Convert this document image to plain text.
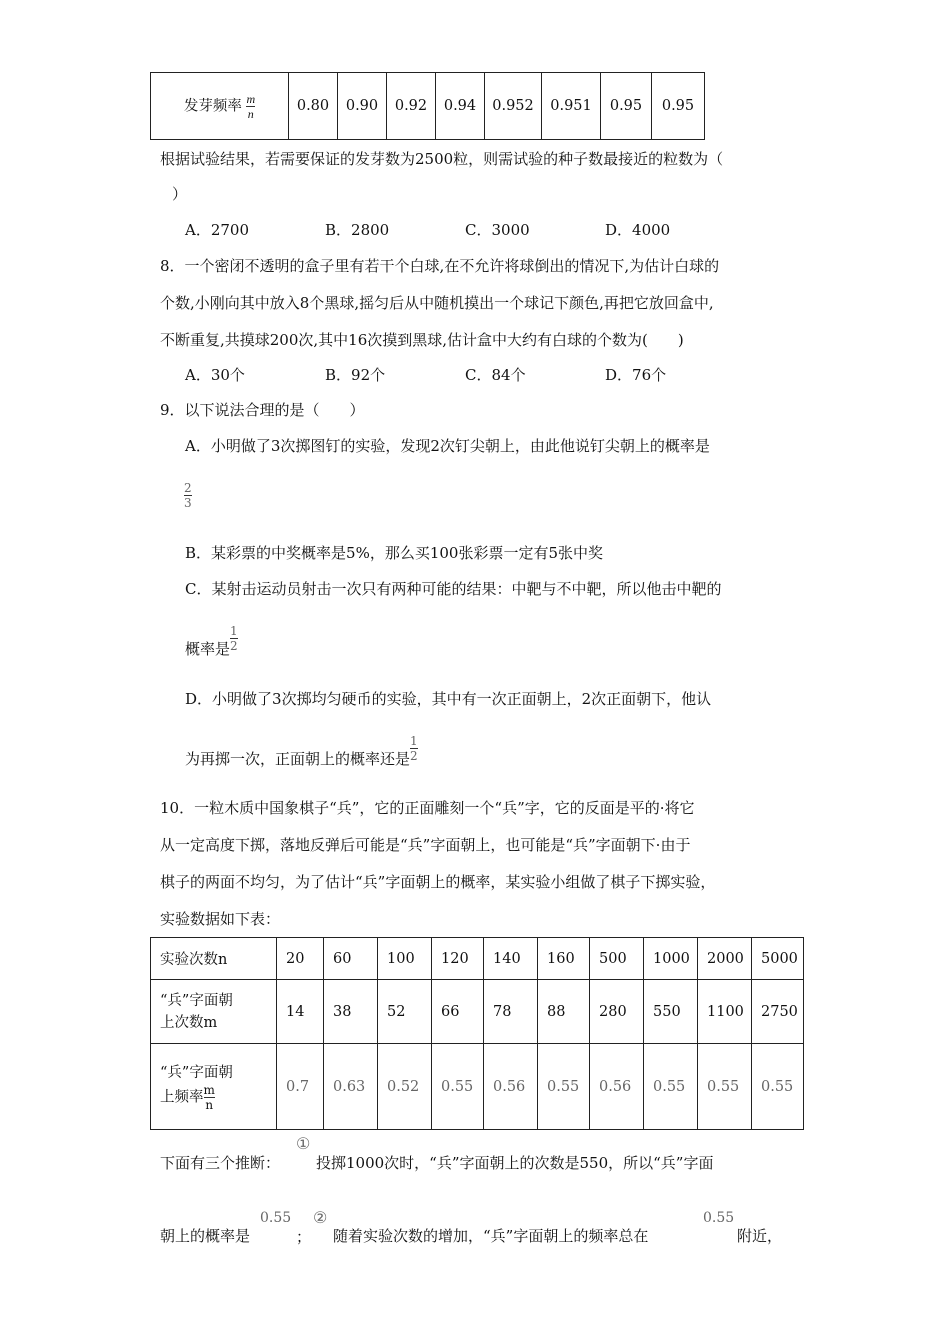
发芽频率 $\frac{m}{n}$	0.80	0.90	0.92	0.94	0.952	0.951	0.95	0.95
根据试验结果，若需要保证的发芽数为2500粒，则需试验的种子数最接近的粒数为（
）
A．2700	B．2800	C．3000	D．4000
8．一个密闭不透明的盒子里有若干个白球,在不允许将球倒出的情况下,为估计白球的
个数,小刚向其中放入8个黑球,摇匀后从中随机摸出一个球记下颜色,再把它放回盒中,
不断重复,共摸球200次,其中16次摸到黑球,估计盒中大约有白球的个数为(　　)
A．30个	B．92个	C．84个	D．76个
9．以下说法合理的是（　　）
A．小明做了3次掷图钉的实验，发现2次钉尖朝上，由此他说钉尖朝上的概率是
$\frac{2}{3}$
B．某彩票的中奖概率是5%，那么买100张彩票一定有5张中奖
C．某射击运动员射击一次只有两种可能的结果：中靶与不中靶，所以他击中靶的
概率是$\frac{1}{2}$
D．小明做了3次掷均匀硬币的实验，其中有一次正面朝上，2次正面朝下，他认
为再掷一次，正面朝上的概率还是$\frac{1}{2}$
10．一粒木质中国象棋子“兵”，它的正面雕刻一个“兵”字，它的反面是平的·将它
从一定高度下掷，落地反弹后可能是“兵”字面朝上，也可能是“兵”字面朝下·由于
棋子的两面不均匀，为了估计“兵”字面朝上的概率，某实验小组做了棋子下掷实验，
实验数据如下表：
实验次数n	20	60	100	120	140	160	500	1000	2000	5000

“兵”字面朝
上次数m	14	38	52	66	78	88	280	550	1100	2750

“兵”字面朝
上频率$\frac{m}{n}$	0.7	0.63	0.52	0.55	0.56	0.55	0.56	0.55	0.55	0.55
下面有三个推断：
①
投掷1000次时，“兵”字面朝上的次数是550，所以“兵”字面
朝上的概率是
0.55
；
②
随着实验次数的增加，“兵”字面朝上的频率总在
0.55
附近，
